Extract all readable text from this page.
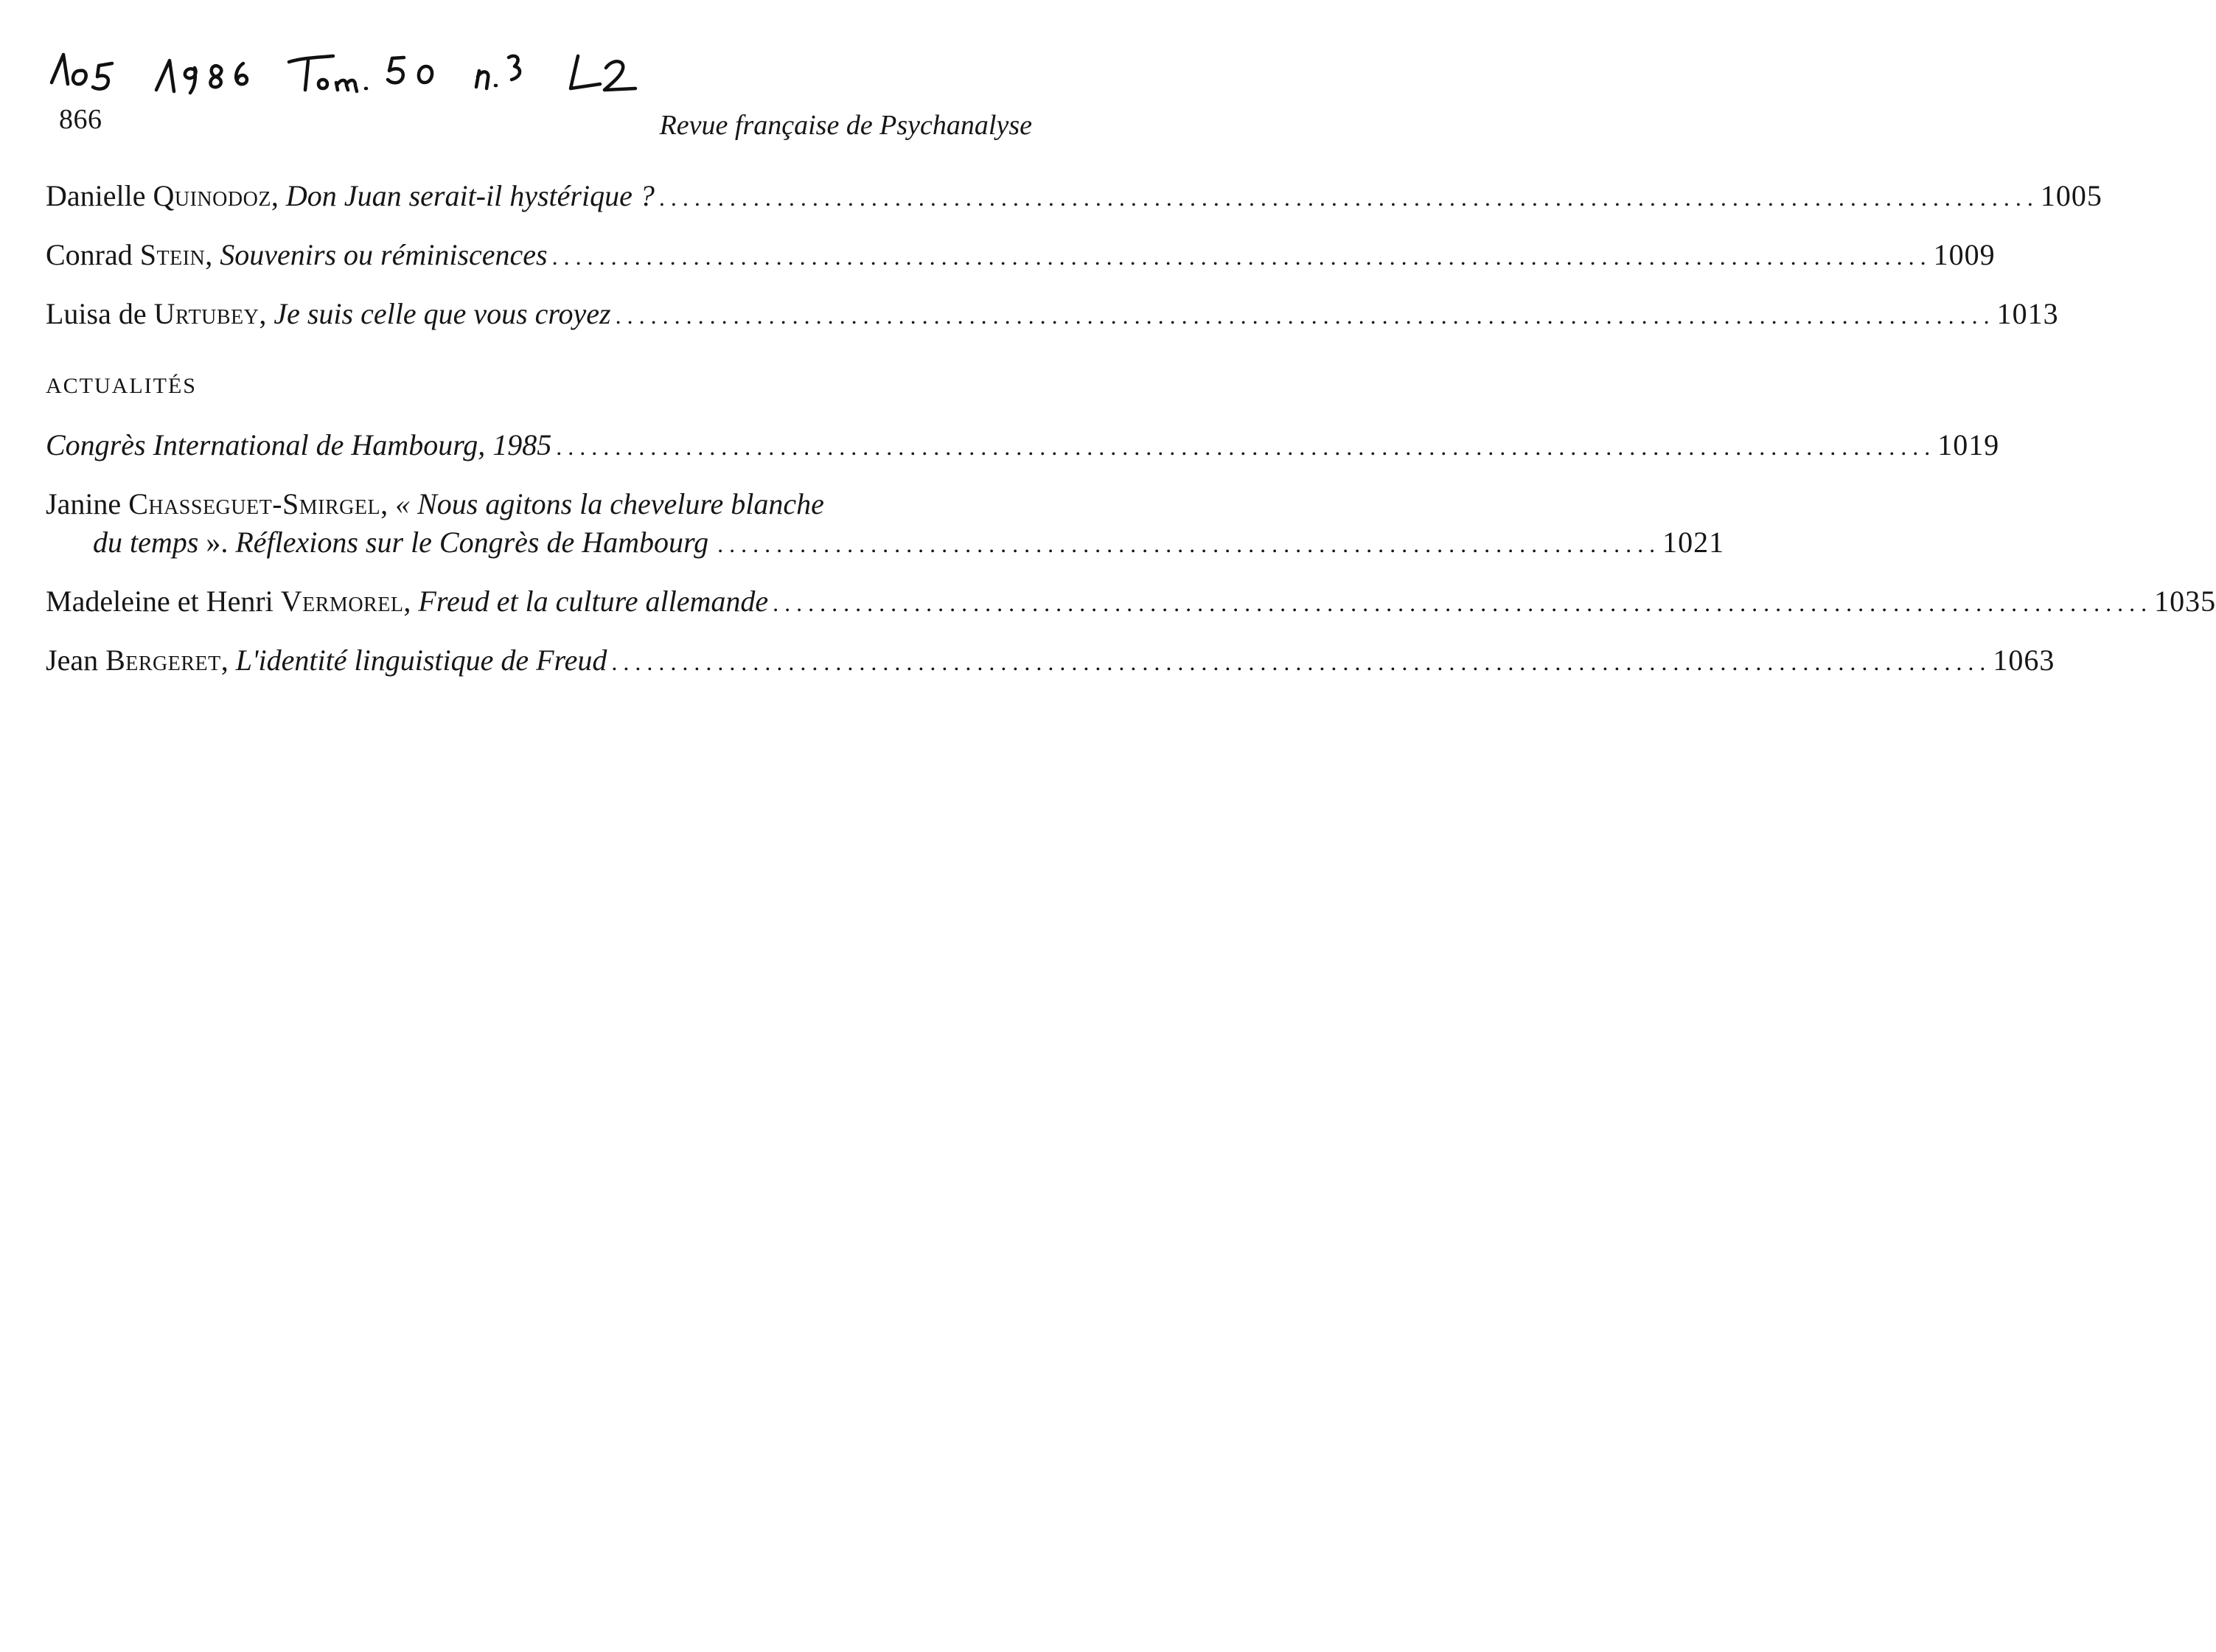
866	Revue française de Psychanalyse
Danielle Quinodoz, Don Juan serait-il hystérique ? . . .	1005
Conrad Stein, Souvenirs ou réminiscences . . .	1009
Luisa de Urtubey, Je suis celle que vous croyez . . .	1013
ACTUALITÉS
Congrès International de Hambourg, 1985 . . .	1019
Janine Chasseguet-Smirgel, « Nous agitons la chevelure blanche
du temps ». Réflexions sur le Congrès de Hambourg . . . . . . . . . . . . . . . . . . . . . . . . . . . . . . . . . . . . . . . . . . . . . . . . . . . . . . . . . . . . . . . . . . . . . . . . . . . . . . . . 1021
Madeleine et Henri Vermorel, Freud et la culture allemande . . .	1035
Jean Bergeret, L'identité linguistique de Freud . . .	1063
